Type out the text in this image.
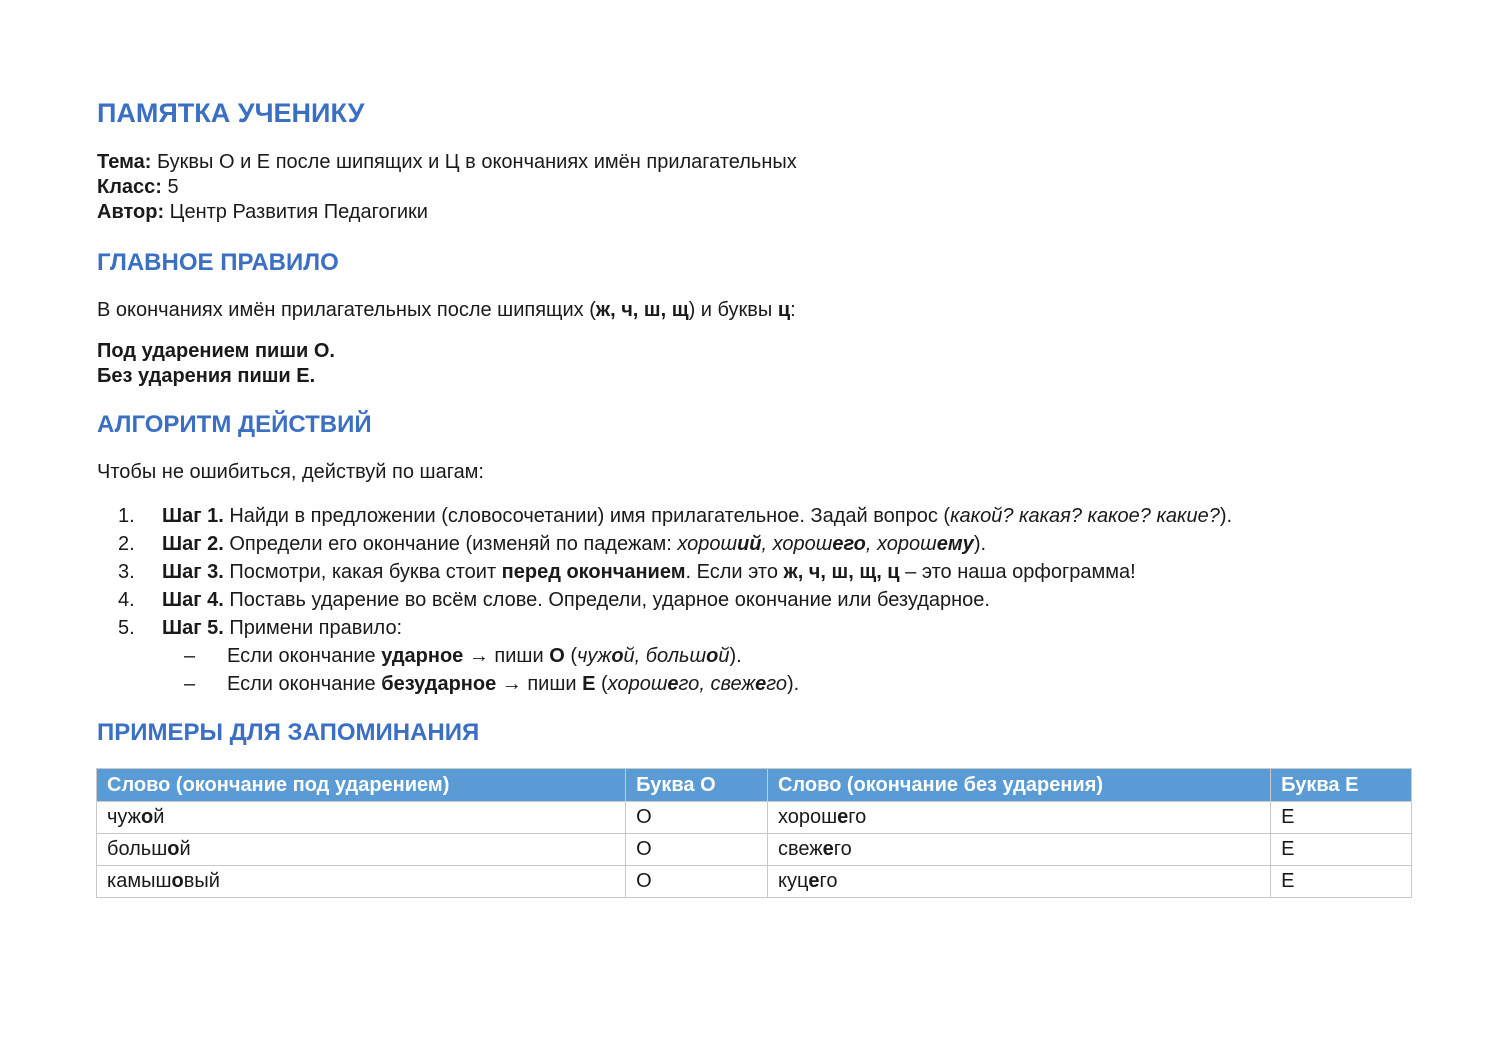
ПАМЯТКА УЧЕНИКУ

Тема: Буквы О и Е после шипящих и Ц в окончаниях имён прилагательных

Класс: 5

Автор: Центр Развития Педагогики

ГЛАВНОЕ ПРАВИЛО

В окончаниях имён прилагательных после шипящих (ж, ч, ш, щ) и буквы ц:

Под ударением пиши О.

Без ударения пиши Е.

АЛГОРИТМ ДЕЙСТВИЙ

Чтобы не ошибиться, действуй по шагам:

1.	Шаг 1. Найди в предложении (словосочетании) имя прилагательное. Задай вопрос (какой? какая? какое? какие?).
2.	Шаг 2. Определи его окончание (изменяй по падежам: хороший, хорошего, хорошему).
3.	Шаг 3. Посмотри, какая буква стоит перед окончанием. Если это ж, ч, ш, щ, ц – это наша орфограмма!
4.	Шаг 4. Поставь ударение во всём слове. Определи, ударное окончание или безударное.
5.	Шаг 5. Примени правило:
– Если окончание ударное → пиши О (чужой, большой).
– Если окончание безударное → пиши Е (хорошего, свежего).
ПРИМЕРЫ ДЛЯ ЗАПОМИНАНИЯ
Слово (окончание под ударением)	Буква О	Слово (окончание без ударения)	Буква Е
чужой	О	хорошего	Е
большой	О	свежего	Е
камышовый	О	куцего	Е
